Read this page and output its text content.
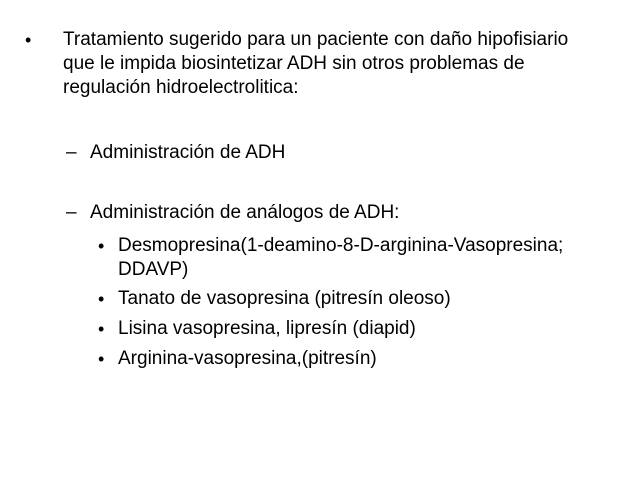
•	Tratamiento sugerido para un paciente con daño hipofisiario que le impida biosintetizar ADH sin otros problemas de regulación hidroelectrolitica:
– Administración de ADH
– Administración de análogos de ADH:
• Desmopresina(1-deamino-8-D-arginina-Vasopresina; DDAVP)
• Tanato de vasopresina (pitresín oleoso)
• Lisina vasopresina, lipresín (diapid)
• Arginina-vasopresina,(pitresín)
